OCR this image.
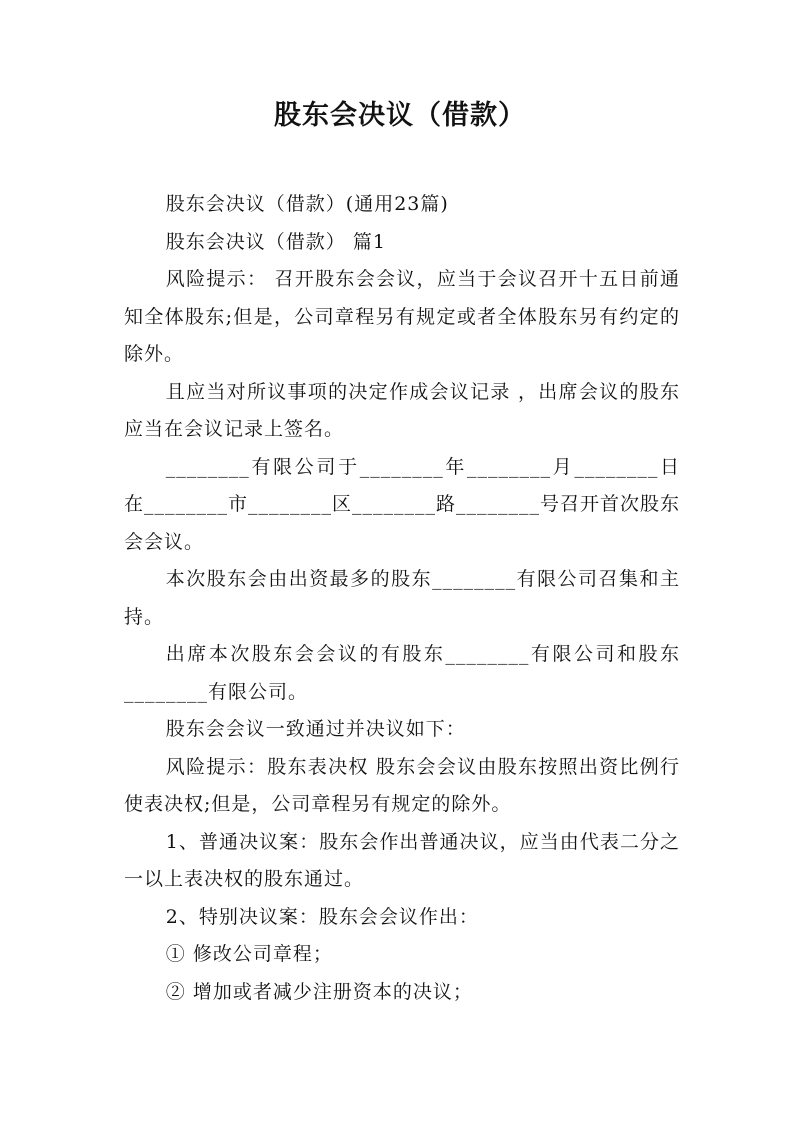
股东会决议（借款）

股东会决议（借款）(通用23篇)

股东会决议（借款） 篇1

风险提示： 召开股东会会议，应当于会议召开十五日前通知全体股东;但是，公司章程另有规定或者全体股东另有约定的除外。

且应当对所议事项的决定作成会议记录 ，出席会议的股东应当在会议记录上签名。

________有限公司于________年________月________日在________市________区________路________号召开首次股东会会议。

本次股东会由出资最多的股东________有限公司召集和主持。

出席本次股东会会议的有股东________有限公司和股东________有限公司。

股东会会议一致通过并决议如下：

风险提示：股东表决权 股东会会议由股东按照出资比例行使表决权;但是，公司章程另有规定的除外。

1、普通决议案：股东会作出普通决议，应当由代表二分之一以上表决权的股东通过。

2、特别决议案：股东会会议作出：

① 修改公司章程；

② 增加或者减少注册资本的决议；
